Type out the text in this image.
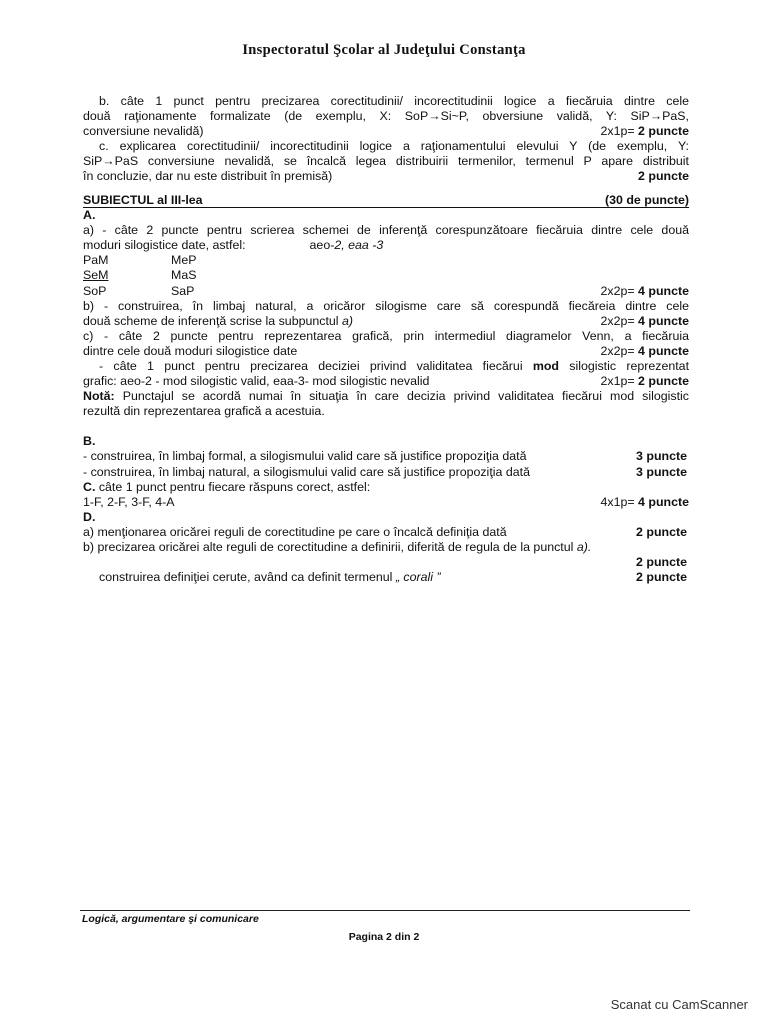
Inspectoratul Şcolar al Judeţului Constanţa
b. câte 1 punct pentru precizarea corectitudinii/ incorectitudinii logice a fiecăruia dintre cele
două raţionamente formalizate (de exemplu, X: SoP→Si~P, obversiune validă, Y: SiP→PaS,
conversiune nevalidă)	2x1p= 2 puncte
c. explicarea corectitudinii/ incorectitudinii logice a raţionamentului elevului Y (de exemplu, Y:
SiP→PaS conversiune nevalidă, se încalcă legea distribuirii termenilor, termenul P apare distribuit
în concluzie, dar nu este distribuit în premisă)	2 puncte
SUBIECTUL al III-lea	(30 de puncte)
A.
a) - câte 2 puncte pentru scrierea schemei de inferenţă corespunzătoare fiecăruia dintre cele două
moduri silogistice date, astfel:	aeo-2, eaa -3
PaM	MeP
SeM	MaS
SoP	SaP	2x2p= 4 puncte
b) - construirea, în limbaj natural, a oricăror silogisme care să corespundă fiecăreia dintre cele
două scheme de inferenţă scrise la subpunctul a)	2x2p= 4 puncte
c) - câte 2 puncte pentru reprezentarea grafică, prin intermediul diagramelor Venn, a fiecăruia
dintre cele două moduri silogistice date	2x2p= 4 puncte
- câte 1 punct pentru precizarea deciziei privind validitatea fiecărui mod silogistic reprezentat
grafic: aeo-2 - mod silogistic valid, eaa-3- mod silogistic nevalid	2x1p= 2 puncte
Notă: Punctajul se acordă numai în situaţia în care decizia privind validitatea fiecărui mod silogistic
rezultă din reprezentarea grafică a acestuia.
B.
- construirea, în limbaj formal, a silogismului valid care să justifice propoziţia dată	3 puncte
- construirea, în limbaj natural, a silogismului valid care să justifice propoziţia dată	3 puncte
C. câte 1 punct pentru fiecare răspuns corect, astfel:
1-F, 2-F, 3-F, 4-A	4x1p= 4 puncte
D.
a) menţionarea oricărei reguli de corectitudine pe care o încalcă definiţia dată	2 puncte
b) precizarea oricărei alte reguli de corectitudine a definirii, diferită de regula de la punctul a).
2 puncte
construirea definiţiei cerute, având ca definit termenul „ corali ”	2 puncte
Logică, argumentare şi comunicare
Pagina 2 din 2
Scanat cu CamScanner
